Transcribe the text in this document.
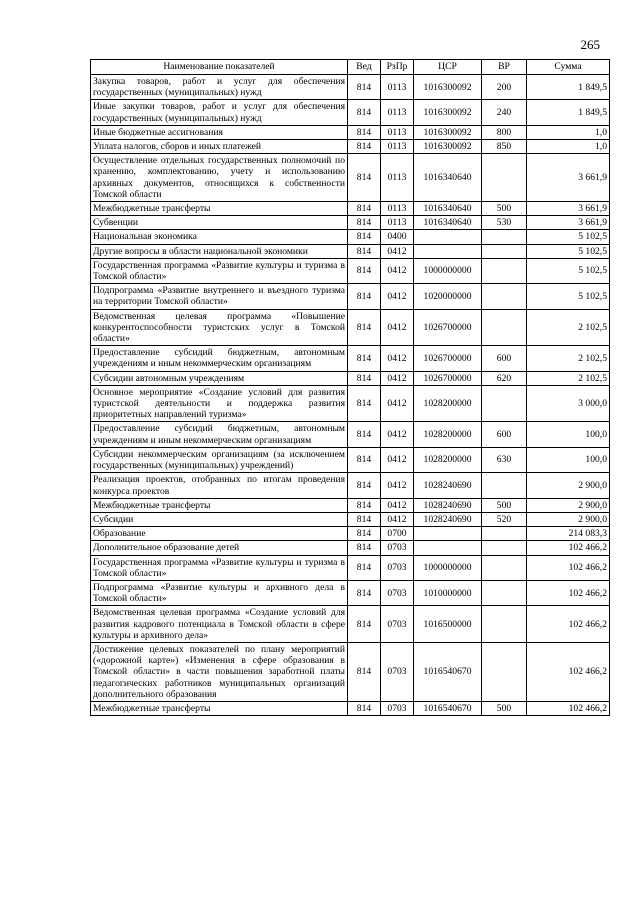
265
Наименование показателей	Вед	РзПр	ЦСР	ВР	Сумма
Закупка товаров, работ и услуг для обеспечения государственных (муниципальных) нужд	814	0113	1016300092	200	1 849,5
Иные закупки товаров, работ и услуг для обеспечения государственных (муниципальных) нужд	814	0113	1016300092	240	1 849,5
Иные бюджетные ассигнования	814	0113	1016300092	800	1,0
Уплата налогов, сборов и иных платежей	814	0113	1016300092	850	1,0
Осуществление отдельных государственных полномочий по хранению, комплектованию, учету и использованию архивных документов, относящихся к собственности Томской области	814	0113	1016340640		3 661,9
Межбюджетные трансферты	814	0113	1016340640	500	3 661,9
Субвенции	814	0113	1016340640	530	3 661,9
Национальная экономика	814	0400			5 102,5
Другие вопросы в области национальной экономики	814	0412			5 102,5
Государственная программа «Развитие культуры и туризма в Томской области»	814	0412	1000000000		5 102,5
Подпрограмма «Развитие внутреннего и въездного туризма на территории Томской области»	814	0412	1020000000		5 102,5
Ведомственная целевая программа «Повышение конкурентоспособности туристских услуг в Томской области»	814	0412	1026700000		2 102,5
Предоставление субсидий бюджетным, автономным учреждениям и иным некоммерческим организациям	814	0412	1026700000	600	2 102,5
Субсидии автономным учреждениям	814	0412	1026700000	620	2 102,5
Основное мероприятие «Создание условий для развития туристской деятельности и поддержка развития приоритетных направлений туризма»	814	0412	1028200000		3 000,0
Предоставление субсидий бюджетным, автономным учреждениям и иным некоммерческим организациям	814	0412	1028200000	600	100,0
Субсидии некоммерческим организациям (за исключением государственных (муниципальных) учреждений)	814	0412	1028200000	630	100,0
Реализация проектов, отобранных по итогам проведения конкурса проектов	814	0412	1028240690		2 900,0
Межбюджетные трансферты	814	0412	1028240690	500	2 900,0
Субсидии	814	0412	1028240690	520	2 900,0
Образование	814	0700			214 083,3
Дополнительное образование детей	814	0703			102 466,2
Государственная программа «Развитие культуры и туризма в Томской области»	814	0703	1000000000		102 466,2
Подпрограмма «Развитие культуры и архивного дела в Томской области»	814	0703	1010000000		102 466,2
Ведомственная целевая программа «Создание условий для развития кадрового потенциала в Томской области в сфере культуры и архивного дела»	814	0703	1016500000		102 466,2
Достижение целевых показателей по плану мероприятий («дорожной карте») «Изменения в сфере образования в Томской области» в части повышения заработной платы педагогических работников муниципальных организаций дополнительного образования	814	0703	1016540670		102 466,2
Межбюджетные трансферты	814	0703	1016540670	500	102 466,2
